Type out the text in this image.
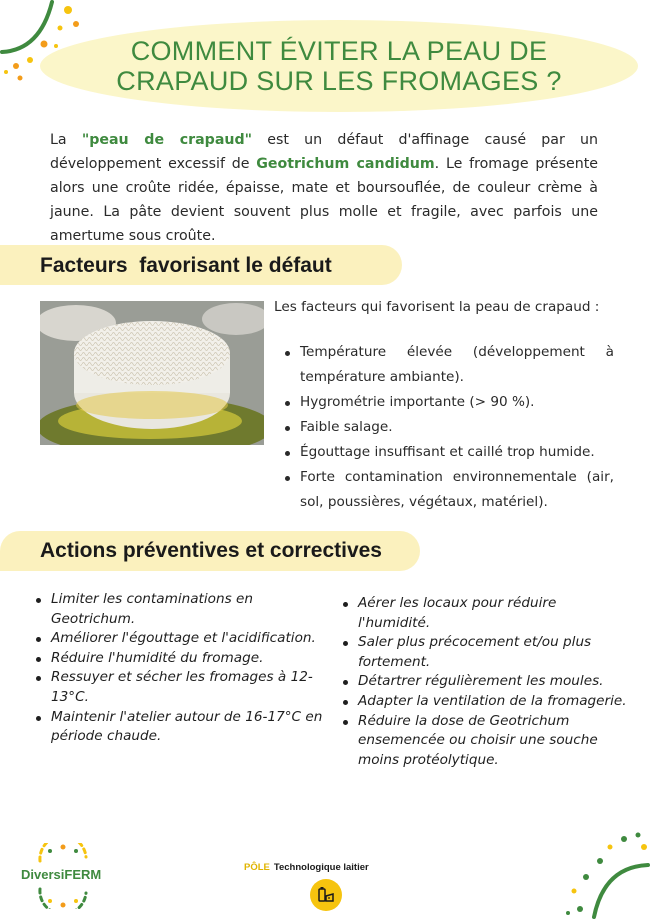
COMMENT ÉVITER LA PEAU DE CRAPAUD SUR LES FROMAGES ?

La "peau de crapaud" est un défaut d'affinage causé par un développement excessif de Geotrichum candidum. Le fromage présente alors une croûte ridée, épaisse, mate et boursouflée, de couleur crème à jaune. La pâte devient souvent plus molle et fragile, avec parfois une amertume sous croûte.

Facteurs  favorisant le défaut

Les facteurs qui favorisent la peau de crapaud :

Température élevée (développement à température ambiante).
Hygrométrie importante (> 90 %).
Faible salage.
Égouttage insuffisant et caillé trop humide.
Forte contamination environnementale (air, sol, poussières, végétaux, matériel).
Actions préventives et correctives
Limiter les contaminations en Geotrichum.
Améliorer l'égouttage et l'acidification.
Réduire l'humidité du fromage.
Ressuyer et sécher les fromages à 12-13°C.
Maintenir l'atelier autour de 16-17°C en période chaude.
Aérer les locaux pour réduire l'humidité.
Saler plus précocement et/ou plus fortement.
Détartrer régulièrement les moules.
Adapter la ventilation de la fromagerie.
Réduire la dose de Geotrichum ensemencée ou choisir une souche moins protéolytique.
DiversiFERM	PÔLE Technologique laitier
